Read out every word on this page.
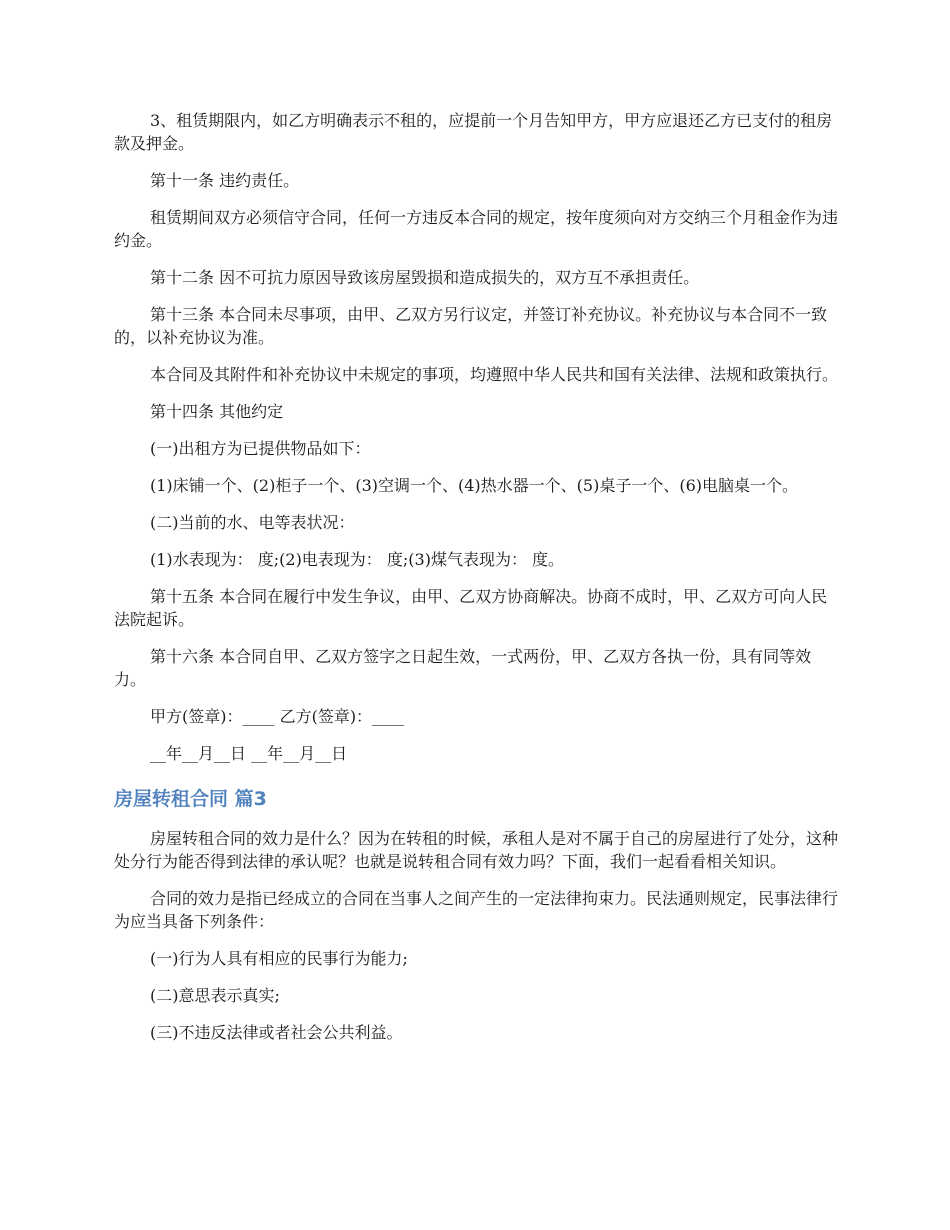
3、租赁期限内，如乙方明确表示不租的，应提前一个月告知甲方，甲方应退还乙方已支付的租房款及押金。

第十一条 违约责任。

租赁期间双方必须信守合同，任何一方违反本合同的规定，按年度须向对方交纳三个月租金作为违约金。

第十二条 因不可抗力原因导致该房屋毁损和造成损失的，双方互不承担责任。

第十三条 本合同未尽事项，由甲、乙双方另行议定，并签订补充协议。补充协议与本合同不一致的，以补充协议为准。

本合同及其附件和补充协议中未规定的事项，均遵照中华人民共和国有关法律、法规和政策执行。

第十四条 其他约定

(一)出租方为已提供物品如下：

(1)床铺一个、(2)柜子一个、(3)空调一个、(4)热水器一个、(5)桌子一个、(6)电脑桌一个。

(二)当前的水、电等表状况：

(1)水表现为： 度;(2)电表现为： 度;(3)煤气表现为： 度。

第十五条 本合同在履行中发生争议，由甲、乙双方协商解决。协商不成时，甲、乙双方可向人民法院起诉。

第十六条 本合同自甲、乙双方签字之日起生效，一式两份，甲、乙双方各执一份，具有同等效力。

甲方(签章)：____ 乙方(签章)：____

__年__月__日 __年__月__日

房屋转租合同 篇3

房屋转租合同的效力是什么？因为在转租的时候，承租人是对不属于自己的房屋进行了处分，这种处分行为能否得到法律的承认呢？也就是说转租合同有效力吗？下面，我们一起看看相关知识。

合同的效力是指已经成立的合同在当事人之间产生的一定法律拘束力。民法通则规定，民事法律行为应当具备下列条件：

(一)行为人具有相应的民事行为能力;

(二)意思表示真实;

(三)不违反法律或者社会公共利益。
